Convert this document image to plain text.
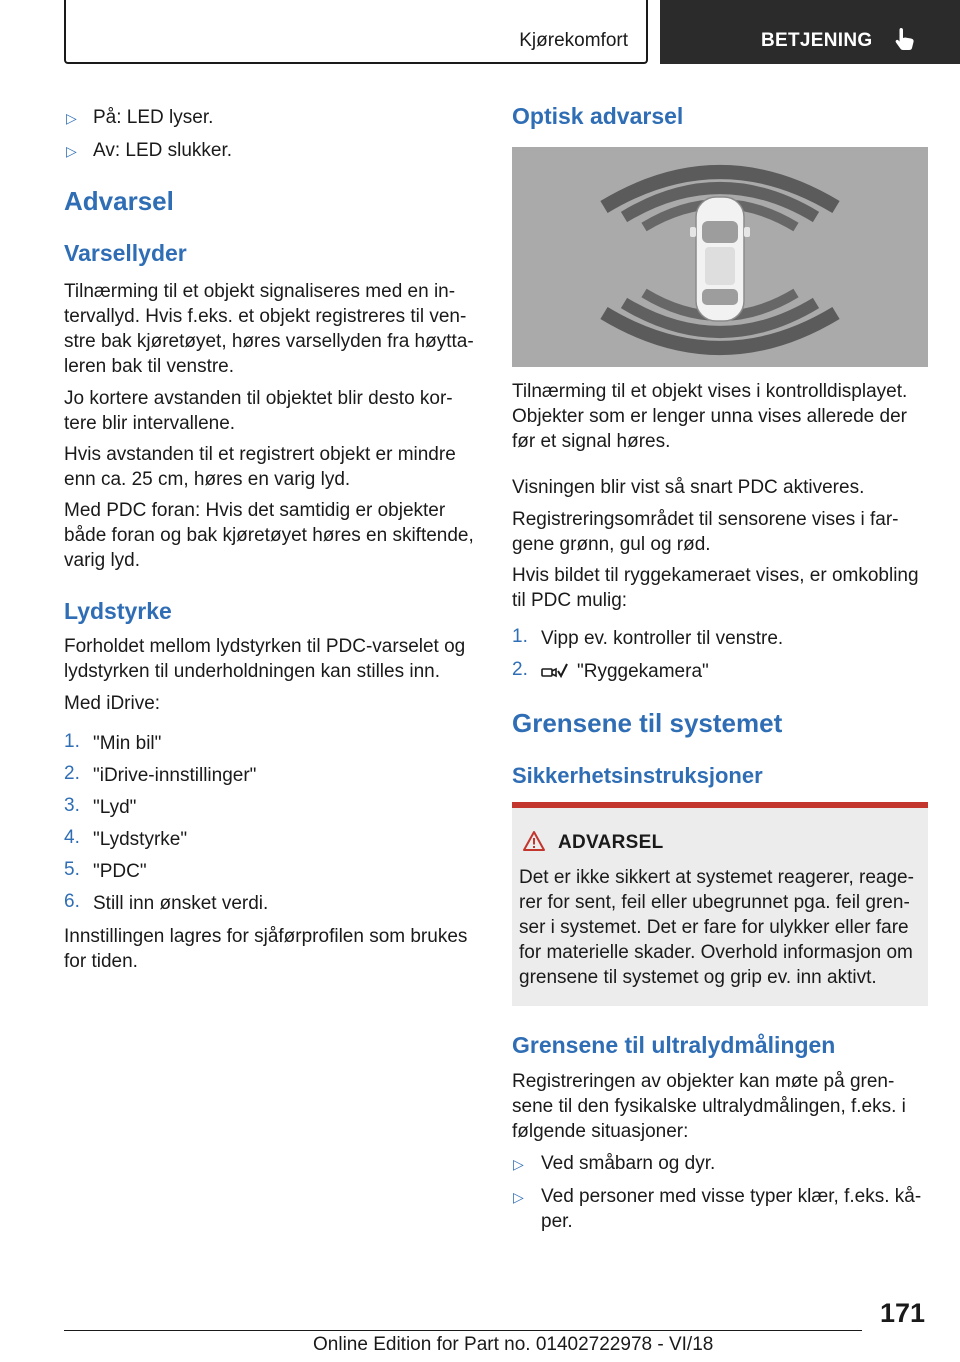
Kjørekomfort	BETJENING
▷ På: LED lyser.
▷ Av: LED slukker.
Advarsel
Varsellyder
Tilnærming til et objekt signaliseres med en in‐
tervallyd. Hvis f.eks. et objekt registreres til ven‐
stre bak kjøretøyet, høres varsellyden fra høytta‐
leren bak til venstre.
Jo kortere avstanden til objektet blir desto kor‐
tere blir intervallene.
Hvis avstanden til et registrert objekt er mindre
enn ca. 25 cm, høres en varig lyd.
Med PDC foran: Hvis det samtidig er objekter
både foran og bak kjøretøyet høres en skiftende,
varig lyd.
Lydstyrke
Forholdet mellom lydstyrken til PDC-varselet og
lydstyrken til underholdningen kan stilles inn.
Med iDrive:
1. "Min bil"
2. "iDrive-innstillinger"
3. "Lyd"
4. "Lydstyrke"
5. "PDC"
6. Still inn ønsket verdi.
Innstillingen lagres for sjåførprofilen som brukes
for tiden.
Optisk advarsel
Tilnærming til et objekt vises i kontrolldisplayet.
Objekter som er lenger unna vises allerede der
før et signal høres.
Visningen blir vist så snart PDC aktiveres.
Registreringsområdet til sensorene vises i far‐
gene grønn, gul og rød.
Hvis bildet til ryggekameraet vises, er omkobling
til PDC mulig:
1. Vipp ev. kontroller til venstre.
2.	"Ryggekamera"
Grensene til systemet
Sikkerhetsinstruksjoner
ADVARSEL
Det er ikke sikkert at systemet reagerer, reage‐
rer for sent, feil eller ubegrunnet pga. feil gren‐
ser i systemet. Det er fare for ulykker eller fare
for materielle skader. Overhold informasjon om
grensene til systemet og grip ev. inn aktivt.
Grensene til ultralydmålingen
Registreringen av objekter kan møte på gren‐
sene til den fysikalske ultralydmålingen, f.eks. i
følgende situasjoner:
▷ Ved småbarn og dyr.
▷ Ved personer med visse typer klær, f.eks. kå‐
per.
171
Online Edition for Part no. 01402722978 - VI/18
